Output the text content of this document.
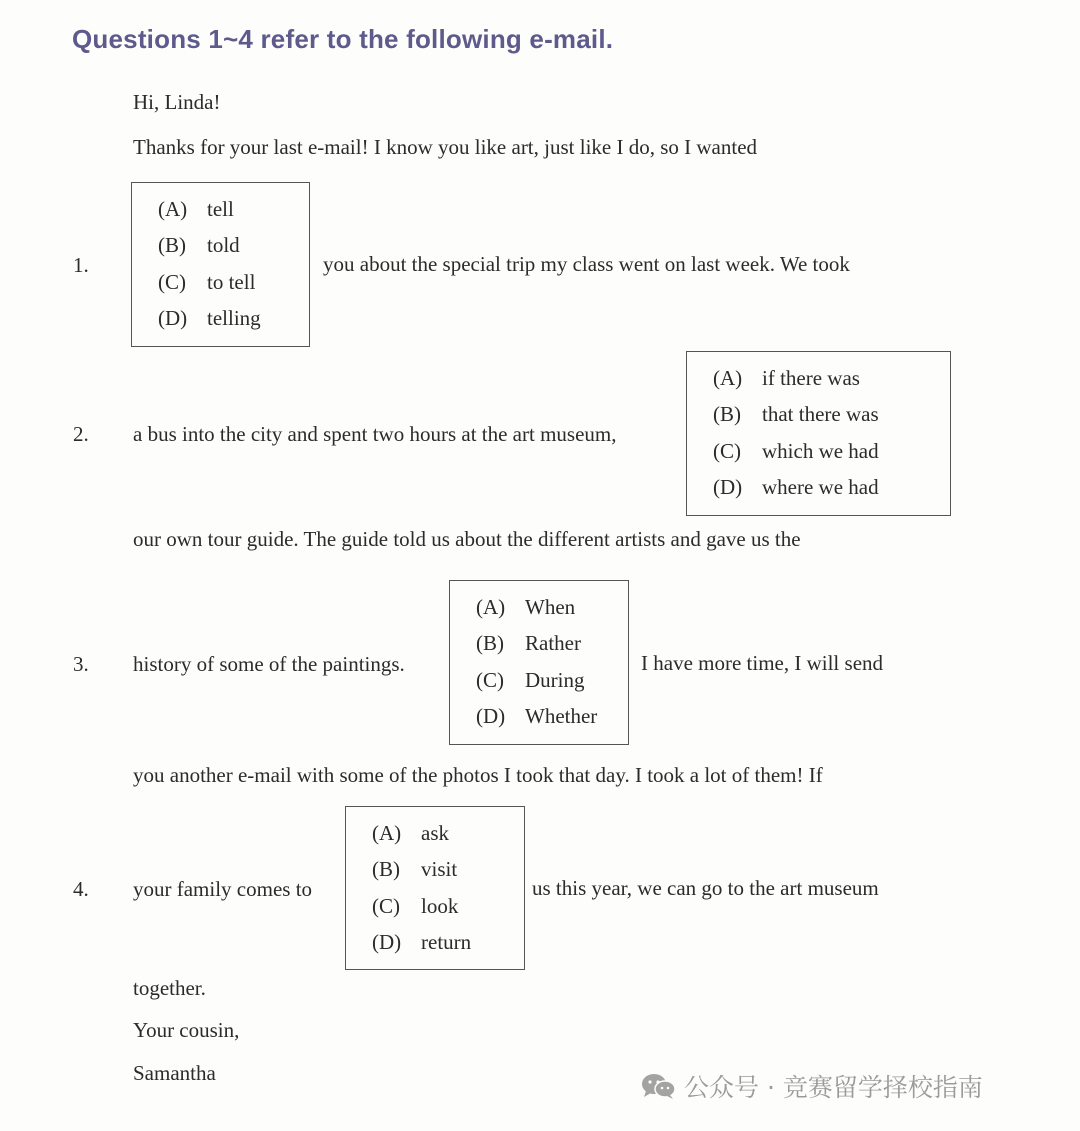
Questions 1~4 refer to the following e-mail.
Hi, Linda!
Thanks for your last e-mail! I know you like art, just like I do, so I wanted
1.
(A) tell
(B) told
(C) to tell
(D) telling
you about the special trip my class went on last week. We took
2. a bus into the city and spent two hours at the art museum,
(A) if there was
(B) that there was
(C) which we had
(D) where we had
our own tour guide. The guide told us about the different artists and gave us the
3. history of some of the paintings.
(A) When
(B) Rather
(C) During
(D) Whether
I have more time, I will send
you another e-mail with some of the photos I took that day. I took a lot of them! If
4. your family comes to
(A) ask
(B) visit
(C) look
(D) return
us this year, we can go to the art museum
together.
Your cousin,
Samantha	公众号 · 竞赛留学择校指南
